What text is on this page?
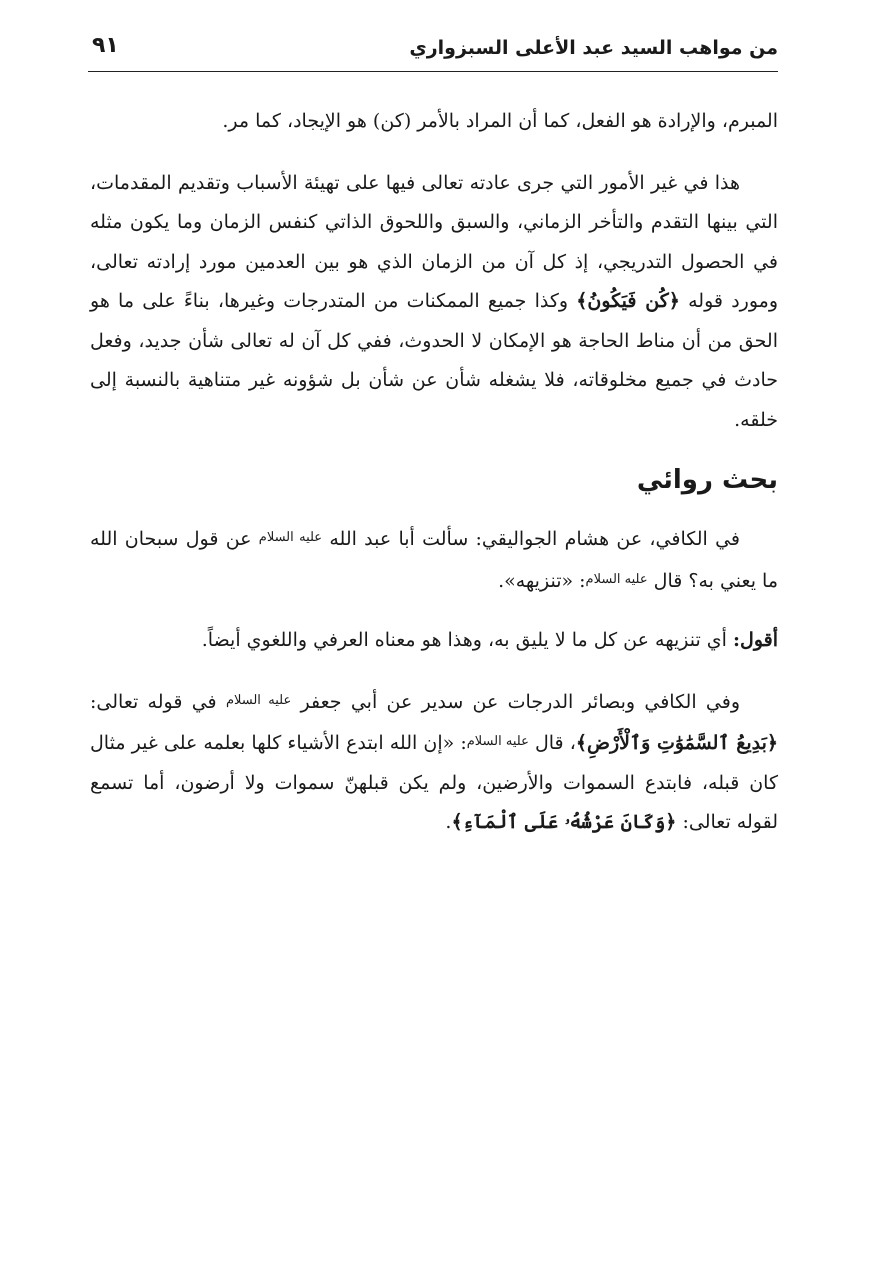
من مواهب السيد عبد الأعلى السبزواري
٩١

المبرم، والإرادة هو الفعل، كما أن المراد بالأمر (كن) هو الإيجاد، كما مر.

هذا في غير الأمور التي جرى عادته تعالى فيها على تهيئة الأسباب وتقديم المقدمات، التي بينها التقدم والتأخر الزماني، والسبق واللحوق الذاتي كنفس الزمان وما يكون مثله في الحصول التدريجي، إذ كل آن من الزمان الذي هو بين العدمين مورد إرادته تعالى، ومورد قوله ﴿كُن فَيَكُونُ﴾ وكذا جميع الممكنات من المتدرجات وغيرها، بناءً على ما هو الحق من أن مناط الحاجة هو الإمكان لا الحدوث، ففي كل آن له تعالى شأن جديد، وفعل حادث في جميع مخلوقاته، فلا يشغله شأن عن شأن بل شؤونه غير متناهية بالنسبة إلى خلقه.

بحث روائي

في الكافي، عن هشام الجواليقي: سألت أبا عبد الله $^{عليه السلام}$ عن قول سبحان الله ما يعني به؟ قال $^{عليه السلام}$: «تنزيهه».

أقول: أي تنزيهه عن كل ما لا يليق به، وهذا هو معناه العرفي واللغوي أيضاً.

وفي الكافي وبصائر الدرجات عن سدير عن أبي جعفر $^{عليه السلام}$ في قوله تعالى: ﴿بَدِيعُ ٱلسَّمَٰوَٰتِ وَٱلْأَرْضِ﴾، قال $^{عليه السلام}$: «إن الله ابتدع الأشياء كلها بعلمه على غير مثال كان قبله، فابتدع السموات والأرضين، ولم يكن قبلهنّ سموات ولا أرضون، أما تسمع لقوله تعالى: ﴿وَكَانَ عَرْشُهُۥ عَلَى ٱلْمَآءِ﴾.
